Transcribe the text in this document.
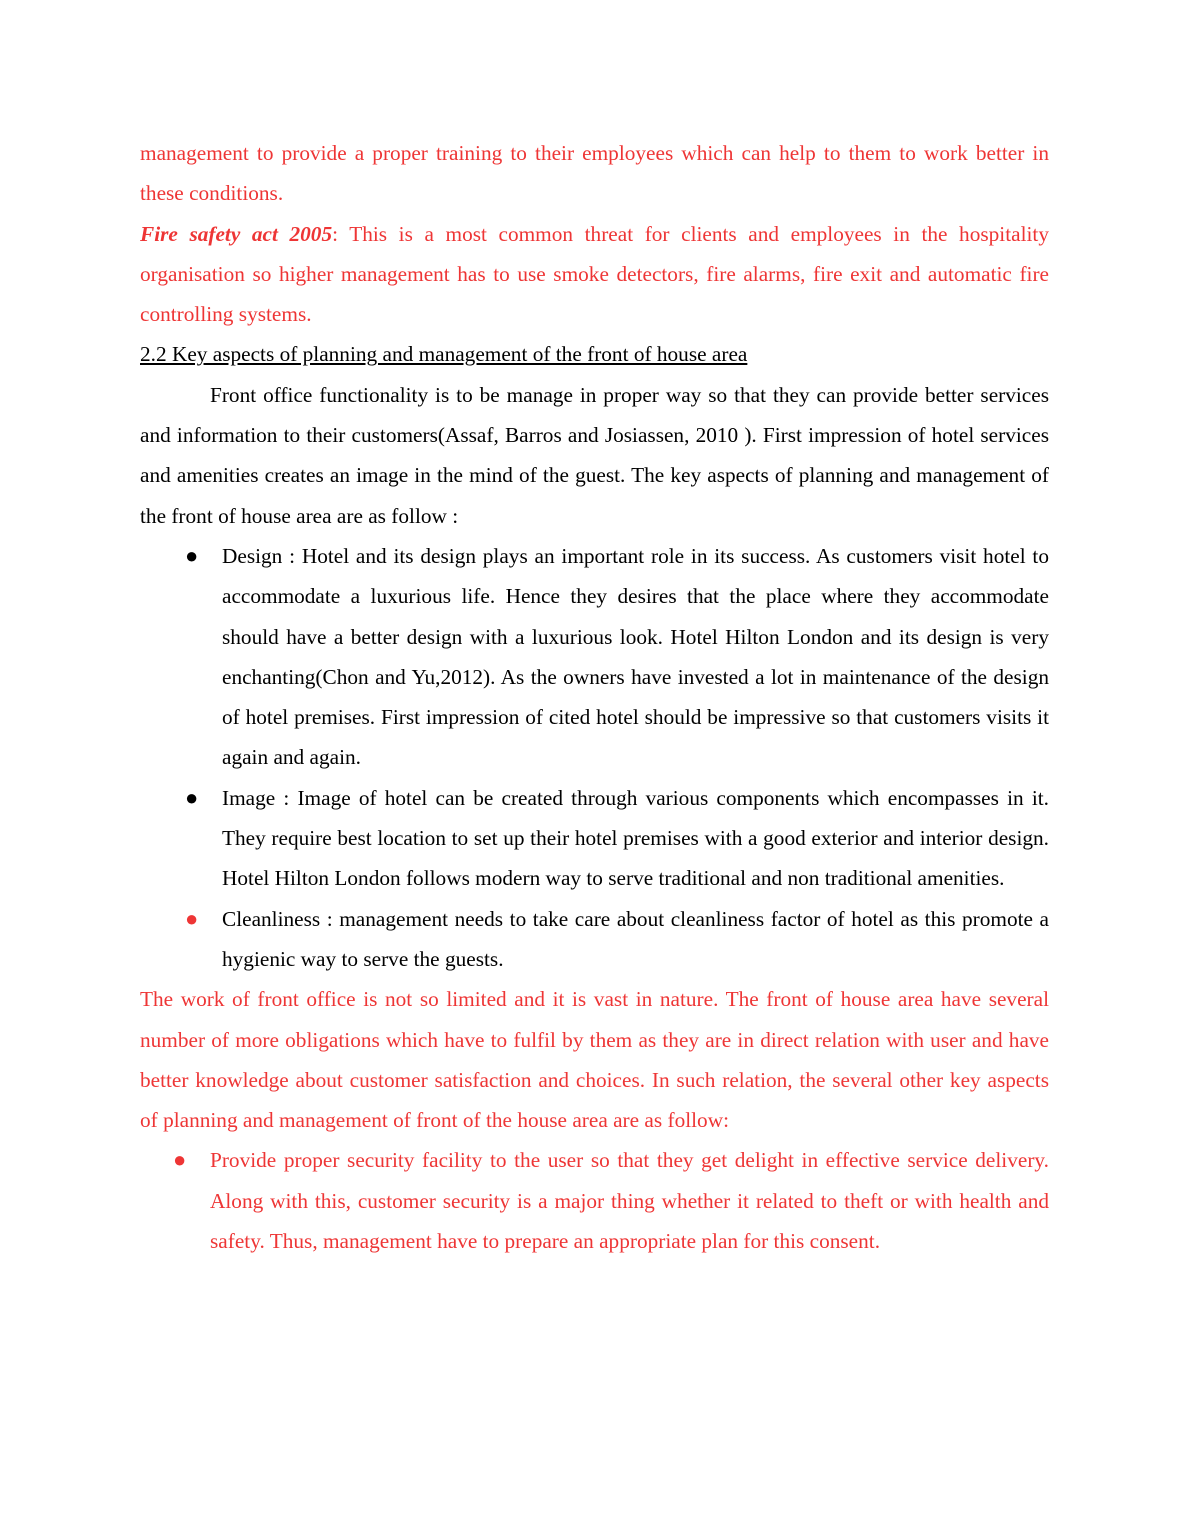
management to provide a proper training to their employees which can help to them to work better in these conditions.

Fire safety act 2005: This is a most common threat for clients and employees in the hospitality organisation so higher management has to use smoke detectors, fire alarms, fire exit and automatic fire controlling systems.

2.2 Key aspects of planning and management of the front of house area

Front office functionality is to be manage in proper way so that they can provide better services and information to their customers(Assaf, Barros and Josiassen, 2010 ). First impression of hotel services and amenities creates an image in the mind of the guest. The key aspects of planning and management of the front of house area are as follow :

● Design : Hotel and its design plays an important role in its success. As customers visit hotel to accommodate a luxurious life. Hence they desires that the place where they accommodate should have a better design with a luxurious look. Hotel Hilton London and its design is very enchanting(Chon and Yu,2012). As the owners have invested a lot in maintenance of the design of hotel premises. First impression of cited hotel should be impressive so that customers visits it again and again.
● Image : Image of hotel can be created through various components which encompasses in it. They require best location to set up their hotel premises with a good exterior and interior design. Hotel Hilton London follows modern way to serve traditional and non traditional amenities.
● Cleanliness : management needs to take care about cleanliness factor of hotel as this promote a hygienic way to serve the guests.

The work of front office is not so limited and it is vast in nature. The front of house area have several number of more obligations which have to fulfil by them as they are in direct relation with user and have better knowledge about customer satisfaction and choices. In such relation, the several other key aspects of planning and management of front of the house area are as follow:

● Provide proper security facility to the user so that they get delight in effective service delivery. Along with this, customer security is a major thing whether it related to theft or with health and safety. Thus, management have to prepare an appropriate plan for this consent.
